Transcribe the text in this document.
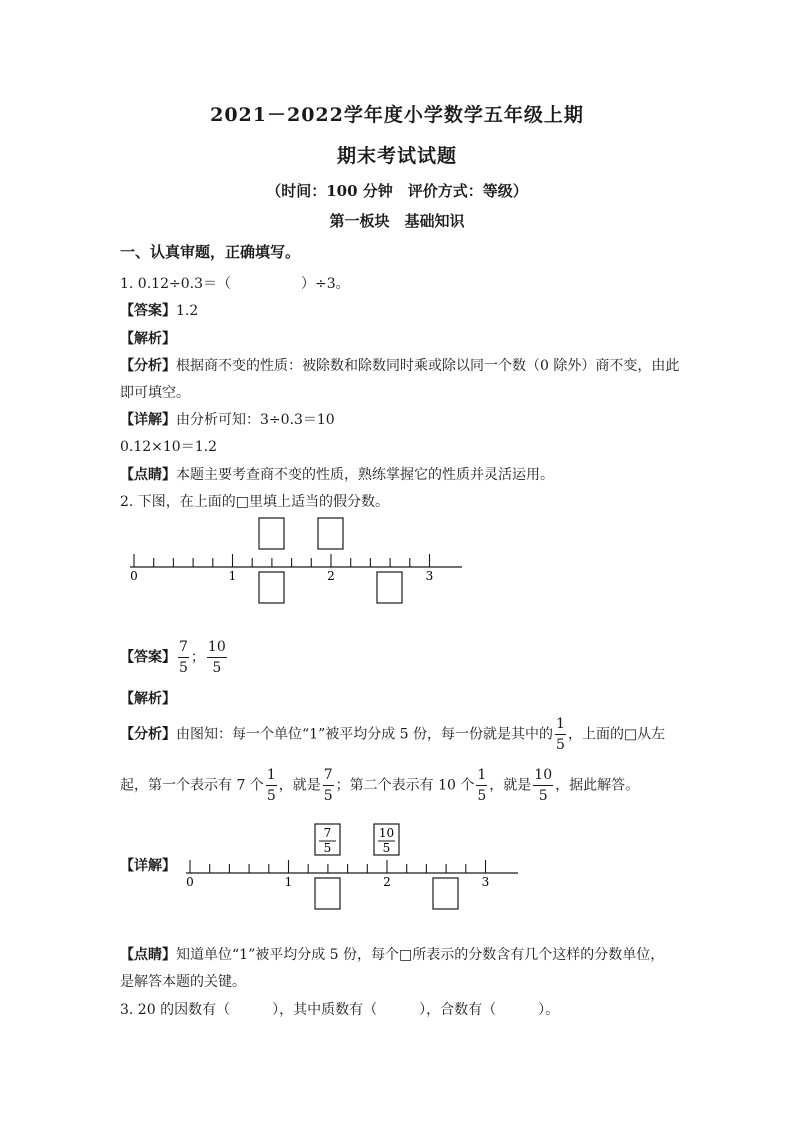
2021－2022学年度小学数学五年级上期
期末考试试题
（时间：100 分钟　评价方式：等级）
第一板块　基础知识
一、认真审题，正确填写。
1. 0.12÷0.3＝（　　　　　）÷3。
【答案】1.2
【解析】
【分析】根据商不变的性质：被除数和除数同时乘或除以同一个数（0 除外）商不变，由此
即可填空。
【详解】由分析可知：3÷0.3＝10
0.12×10＝1.2
【点睛】本题主要考查商不变的性质，熟练掌握它的性质并灵活运用。
2. 下图，在上面的□里填上适当的假分数。
0	1	2	3
【答案】 $\frac{7}{5}$ ； $\frac{10}{5}$
【解析】
【分析】由图知：每一个单位“1”被平均分成 5 份，每一份就是其中的 $\frac{1}{5}$ ，上面的□从左
起，第一个表示有 7 个 $\frac{1}{5}$ ，就是 $\frac{7}{5}$ ；第二个表示有 10 个 $\frac{1}{5}$ ，就是 $\frac{10}{5}$ ，据此解答。
【详解】
7
5
10
5
0	1	2	3
【点睛】知道单位“1”被平均分成 5 份，每个□所表示的分数含有几个这样的分数单位，
是解答本题的关键。
3. 20 的因数有（　　　），其中质数有（　　　），合数有（　　　）。
